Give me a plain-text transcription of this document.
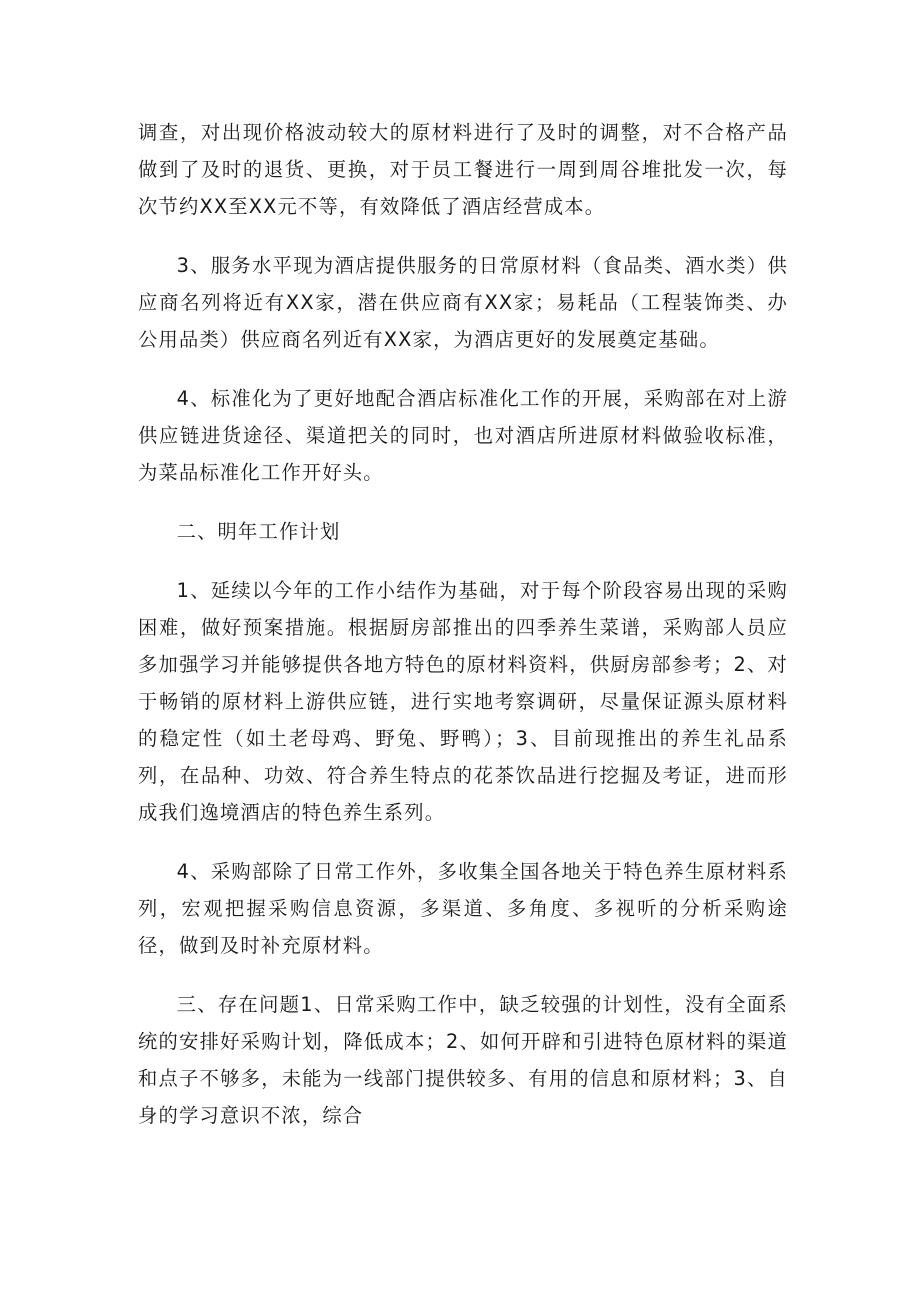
调查，对出现价格波动较大的原材料进行了及时的调整，对不合格产品做到了及时的退货、更换，对于员工餐进行一周到周谷堆批发一次，每次节约XX至XX元不等，有效降低了酒店经营成本。

3、服务水平现为酒店提供服务的日常原材料（食品类、酒水类）供应商名列将近有XX家，潜在供应商有XX家；易耗品（工程装饰类、办公用品类）供应商名列近有XX家，为酒店更好的发展奠定基础。

4、标准化为了更好地配合酒店标准化工作的开展，采购部在对上游供应链进货途径、渠道把关的同时，也对酒店所进原材料做验收标准，为菜品标准化工作开好头。

二、明年工作计划

1、延续以今年的工作小结作为基础，对于每个阶段容易出现的采购困难，做好预案措施。根据厨房部推出的四季养生菜谱，采购部人员应多加强学习并能够提供各地方特色的原材料资料，供厨房部参考；2、对于畅销的原材料上游供应链，进行实地考察调研，尽量保证源头原材料的稳定性（如土老母鸡、野兔、野鸭）；3、目前现推出的养生礼品系列，在品种、功效、符合养生特点的花茶饮品进行挖掘及考证，进而形成我们逸境酒店的特色养生系列。

4、采购部除了日常工作外，多收集全国各地关于特色养生原材料系列，宏观把握采购信息资源，多渠道、多角度、多视听的分析采购途径，做到及时补充原材料。

三、存在问题1、日常采购工作中，缺乏较强的计划性，没有全面系统的安排好采购计划，降低成本；2、如何开辟和引进特色原材料的渠道和点子不够多，未能为一线部门提供较多、有用的信息和原材料；3、自身的学习意识不浓，综合
